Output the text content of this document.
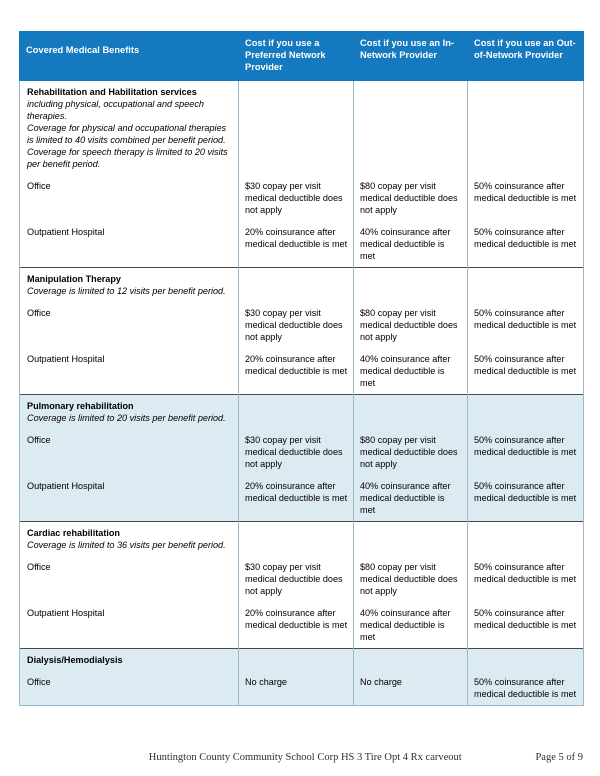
Covered Medical Benefits	Cost if you use a Preferred Network Provider	Cost if you use an In-Network Provider	Cost if you use an Out-of-Network Provider

Rehabilitation and Habilitation services
including physical, occupational and speech therapies.
Coverage for physical and occupational therapies is limited to 40 visits combined per benefit period. Coverage for speech therapy is limited to 20 visits per benefit period.			

Office	$30 copay per visit medical deductible does not apply	$80 copay per visit medical deductible does not apply	50% coinsurance after medical deductible is met
Outpatient Hospital	20% coinsurance after medical deductible is met	40% coinsurance after medical deductible is met	50% coinsurance after medical deductible is met

Manipulation Therapy
Coverage is limited to 12 visits per benefit period.			

Office	$30 copay per visit medical deductible does not apply	$80 copay per visit medical deductible does not apply	50% coinsurance after medical deductible is met
Outpatient Hospital	20% coinsurance after medical deductible is met	40% coinsurance after medical deductible is met	50% coinsurance after medical deductible is met

Pulmonary rehabilitation
Coverage is limited to 20 visits per benefit period.			

Office	$30 copay per visit medical deductible does not apply	$80 copay per visit medical deductible does not apply	50% coinsurance after medical deductible is met
Outpatient Hospital	20% coinsurance after medical deductible is met	40% coinsurance after medical deductible is met	50% coinsurance after medical deductible is met

Cardiac rehabilitation
Coverage is limited to 36 visits per benefit period.			

Office	$30 copay per visit medical deductible does not apply	$80 copay per visit medical deductible does not apply	50% coinsurance after medical deductible is met
Outpatient Hospital	20% coinsurance after medical deductible is met	40% coinsurance after medical deductible is met	50% coinsurance after medical deductible is met

Dialysis/Hemodialysis			

Office	No charge	No charge	50% coinsurance after medical deductible is met
Huntington County Community School Corp HS 3 Tire Opt 4 Rx carveout	Page 5 of 9
